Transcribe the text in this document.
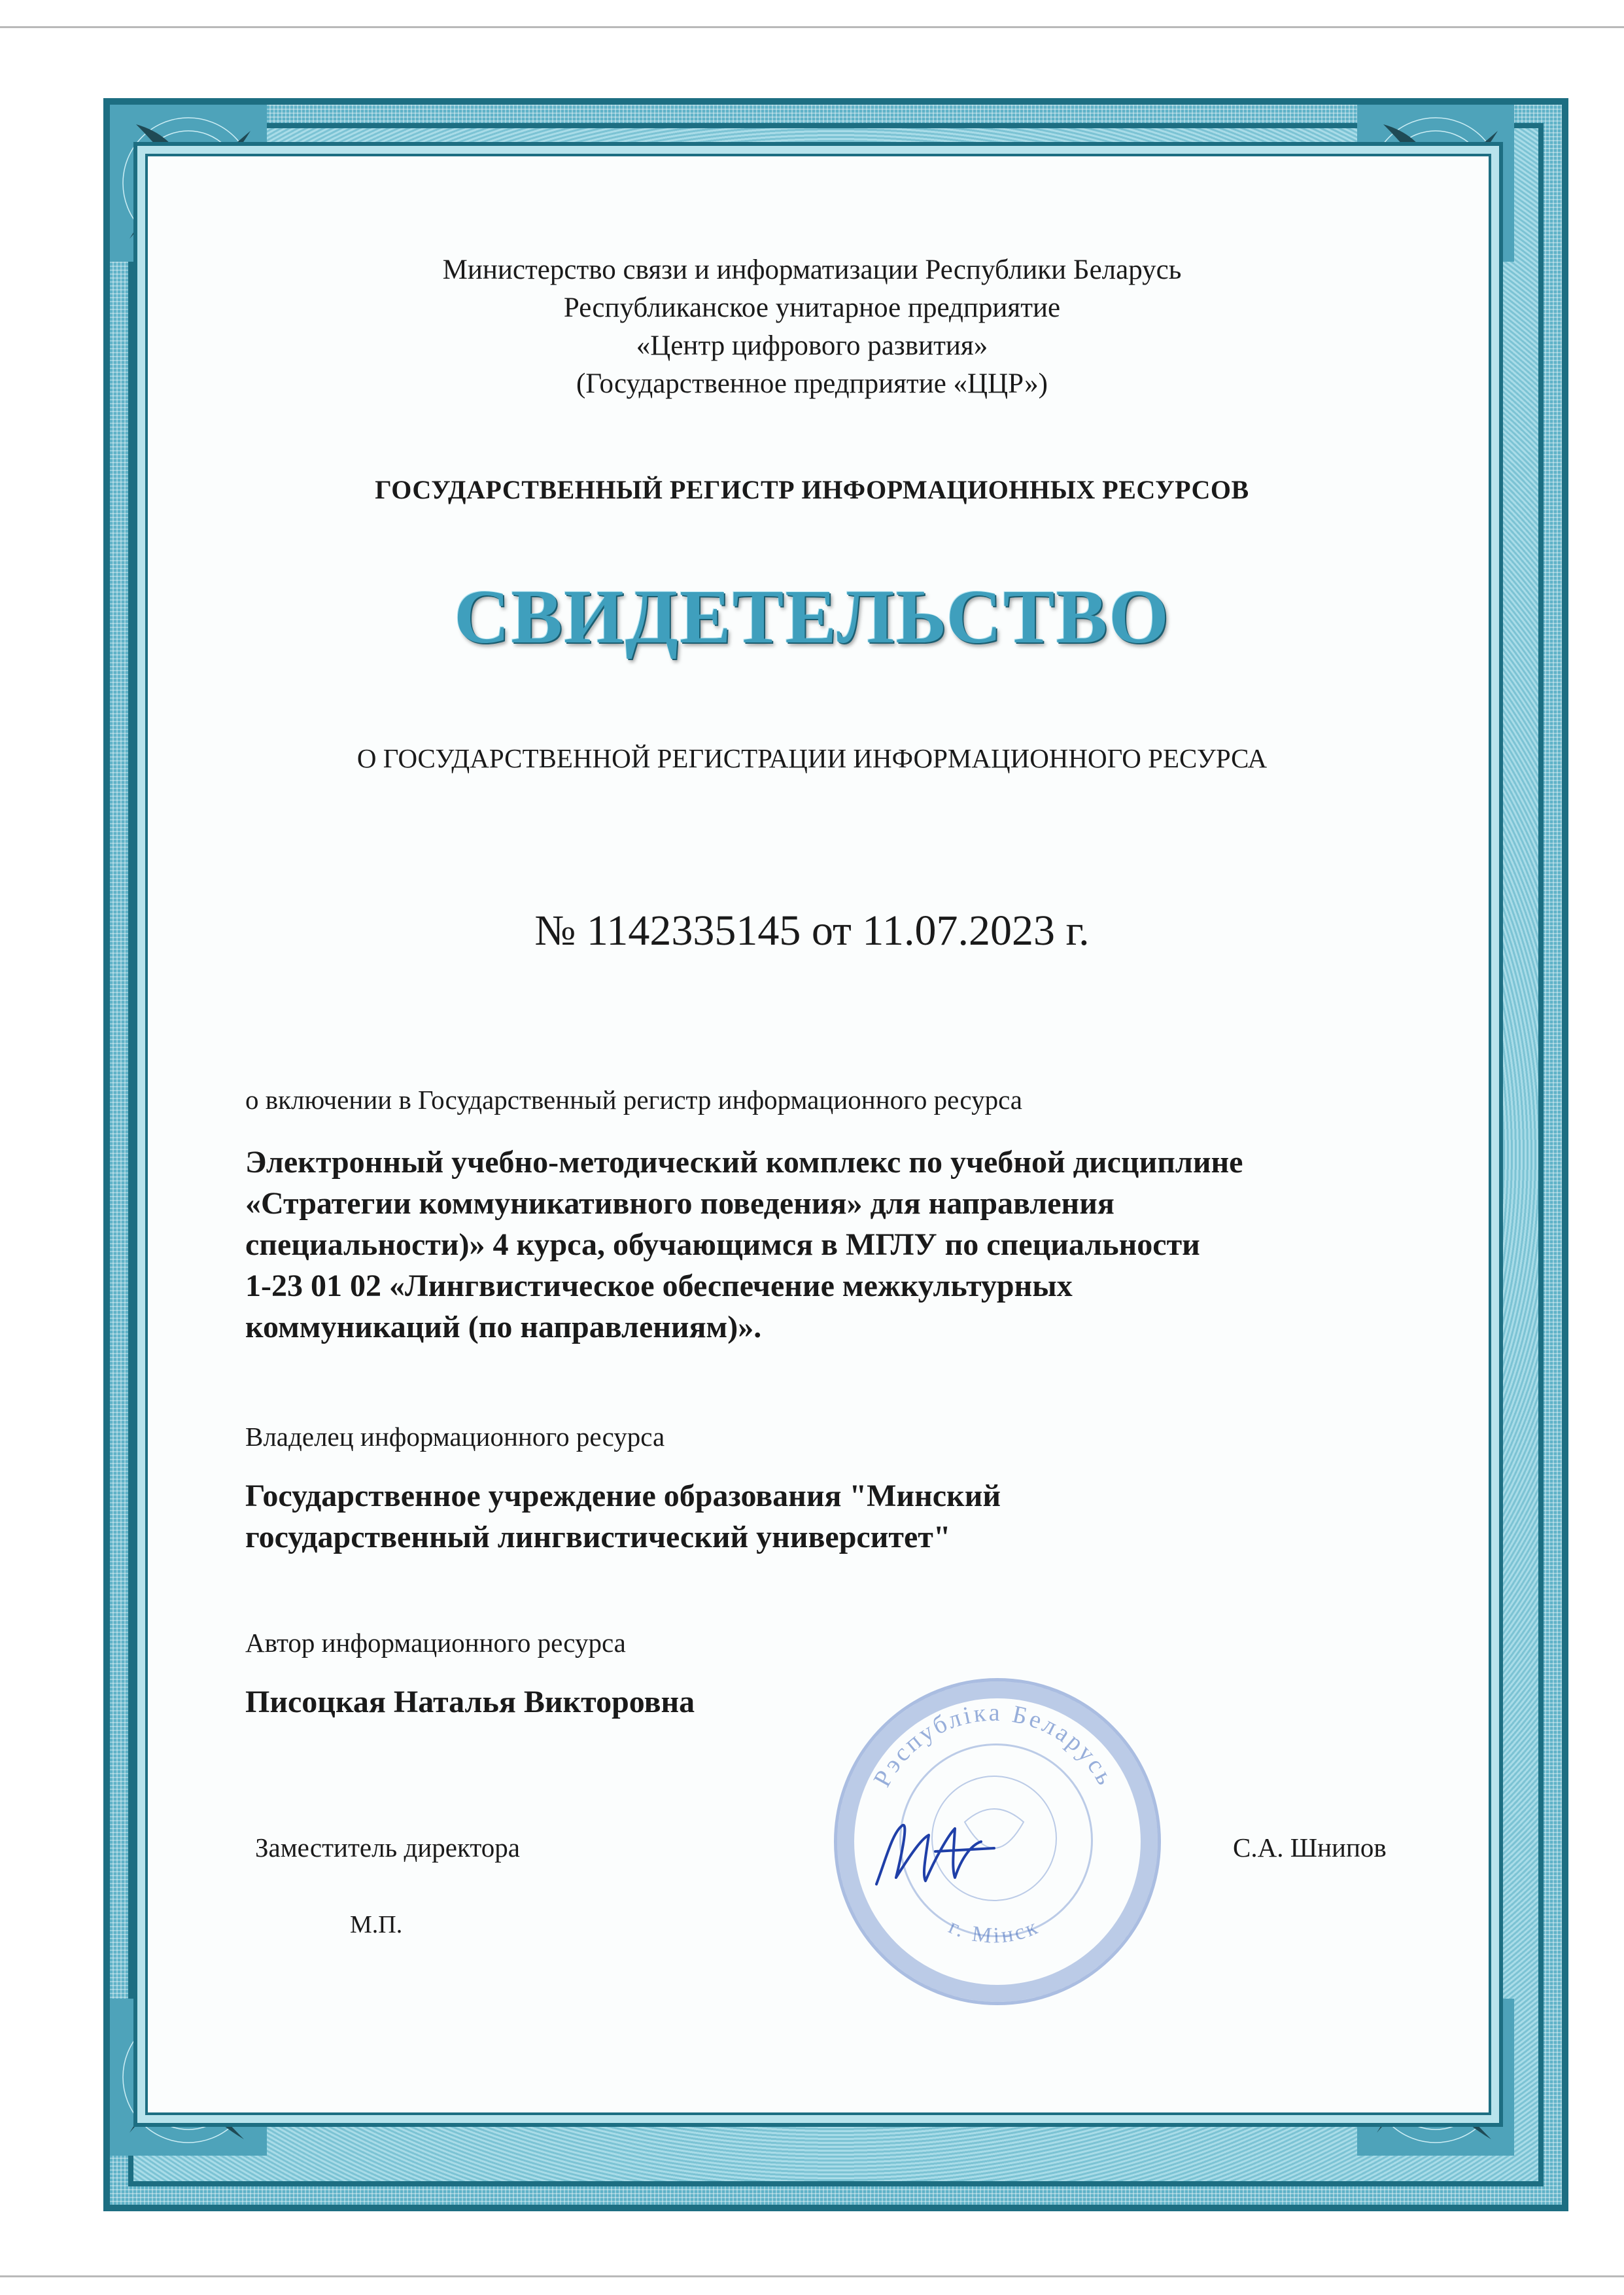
Министерство связи и информатизации Республики Беларусь
Республиканское унитарное предприятие
«Центр цифрового развития»
(Государственное предприятие «ЦЦР»)
ГОСУДАРСТВЕННЫЙ РЕГИСТР ИНФОРМАЦИОННЫХ РЕСУРСОВ
СВИДЕТЕЛЬСТВО
О ГОСУДАРСТВЕННОЙ РЕГИСТРАЦИИ ИНФОРМАЦИОННОГО РЕСУРСА
№ 1142335145 от 11.07.2023 г.
о включении в Государственный регистр информационного ресурса
Электронный учебно-методический комплекс по учебной дисциплине
«Стратегии коммуникативного поведения» для направления
специальности)» 4 курса, обучающимся в МГЛУ по специальности
1-23 01 02 «Лингвистическое обеспечение межкультурных
коммуникаций (по направлениям)».
Владелец информационного ресурса
Государственное учреждение образования "Минский
государственный лингвистический университет"
Автор информационного ресурса
Писоцкая Наталья Викторовна
Рэспубліка Беларусь
г. Мінск
Заместитель директора	С.А. Шнипов
М.П.
